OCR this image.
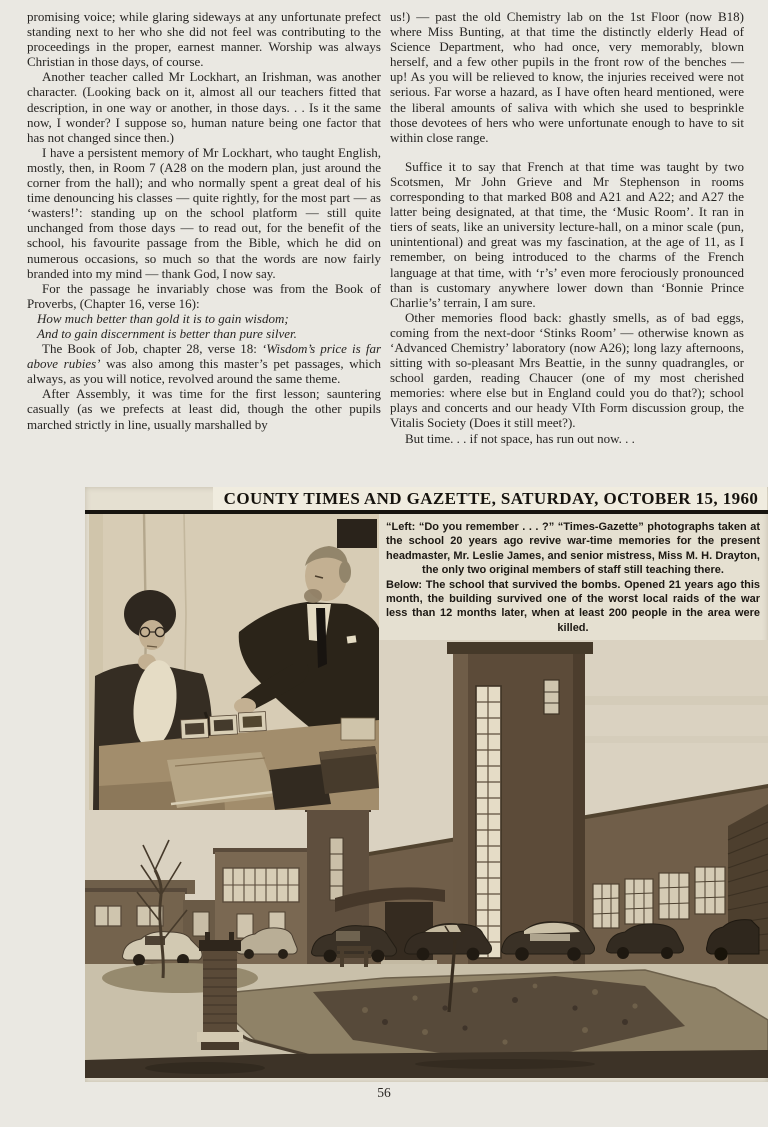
promising voice; while glaring sideways at any unfortunate prefect standing next to her who she did not feel was contributing to the proceedings in the proper, earnest manner. Worship was always Christian in those days, of course.

Another teacher called Mr Lockhart, an Irishman, was another character. (Looking back on it, almost all our teachers fitted that description, in one way or another, in those days. . . Is it the same now, I wonder? I suppose so, human nature being one factor that has not changed since then.)

I have a persistent memory of Mr Lockhart, who taught English, mostly, then, in Room 7 (A28 on the modern plan, just around the corner from the hall); and who normally spent a great deal of his time denouncing his classes — quite rightly, for the most part — as ‘wasters!’: standing up on the school platform — still quite unchanged from those days — to read out, for the benefit of the school, his favourite passage from the Bible, which he did on numerous occasions, so much so that the words are now fairly branded into my mind — thank God, I now say.

For the passage he invariably chose was from the Book of Proverbs, (Chapter 16, verse 16):

How much better than gold it is to gain wisdom;

And to gain discernment is better than pure silver.

The Book of Job, chapter 28, verse 18: ‘Wisdom’s price is far above rubies’ was also among this master’s pet passages, which always, as you will notice, revolved around the same theme.

After Assembly, it was time for the first lesson; sauntering casually (as we prefects at least did, though the other pupils marched strictly in line, usually marshalled by

us!) — past the old Chemistry lab on the 1st Floor (now B18) where Miss Bunting, at that time the distinctly elderly Head of Science Department, who had once, very memorably, blown herself, and a few other pupils in the front row of the benches — up! As you will be relieved to know, the injuries received were not serious. Far worse a hazard, as I have often heard mentioned, were the liberal amounts of saliva with which she used to besprinkle those devotees of hers who were unfortunate enough to have to sit within close range.

Suffice it to say that French at that time was taught by two Scotsmen, Mr John Grieve and Mr Stephenson in rooms corresponding to that marked B08 and A21 and A22; and A27 the latter being designated, at that time, the ‘Music Room’. It ran in tiers of seats, like an university lecture-hall, on a minor scale (pun, unintentional) and great was my fascination, at the age of 11, as I remember, on being introduced to the charms of the French language at that time, with ‘r’s’ even more ferociously pronounced than is customary anywhere lower down than ‘Bonnie Prince Charlie’s’ terrain, I am sure.

Other memories flood back: ghastly smells, as of bad eggs, coming from the next-door ‘Stinks Room’ — otherwise known as ‘Advanced Chemistry’ laboratory (now A26); long lazy afternoons, sitting with so-pleasant Mrs Beattie, in the sunny quadrangles, or school garden, reading Chaucer (one of my most cherished memories: where else but in England could you do that?); school plays and concerts and our heady VIth Form discussion group, the Vitalis Society (Does it still meet?).

But time. . . if not space, has run out now. . .

COUNTY TIMES AND GAZETTE, SATURDAY, OCTOBER 15, 1960

“Left: “Do you remember . . . ?” “Times-Gazette” photographs taken at the school 20 years ago revive war-time memories for the present headmaster, Mr. Leslie James, and senior mistress, Miss M. H. Drayton, the only two original members of staff still teaching there.

Below: The school that survived the bombs. Opened 21 years ago this month, the building survived one of the worst local raids of the war less than 12 months later, when at least 200 people in the area were killed.

56
